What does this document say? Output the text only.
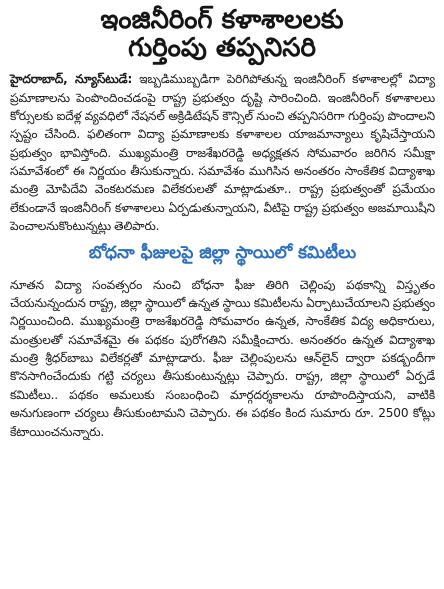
ఇంజినీరింగ్ కళాశాలలకు
గుర్తింపు తప్పనిసరి

హైదరాబాద్, న్యూస్‌టుడే: ఇబ్బడిముబ్బడిగా పెరిగిపోతున్న ఇంజినీరింగ్ కళాశాలల్లో విద్యా ప్రమాణాలను పెంపొందించడంపై రాష్ట్ర ప్రభుత్వం దృష్టి సారించింది. ఇంజినీరింగ్ కళాశాలలు కోర్సులకు ఐదేళ్ల వ్యవధిలో నేషనల్ అక్రిడిటేషన్ కౌన్సిల్ నుంచి తప్పనిసరిగా గుర్తింపు పొందాలని స్పష్టం చేసింది. ఫలితంగా విద్యా ప్రమాణాలకు కళాశాలల యాజమాన్యాలు కృషిచేస్తాయని ప్రభుత్వం భావిస్తోంది. ముఖ్యమంత్రి రాజశేఖరరెడ్డి అధ్యక్షతన సోమవారం జరిగిన సమీక్షా సమావేశంలో ఈ నిర్ణయం తీసుకున్నారు. సమావేశం ముగిసిన అనంతరం సాంకేతిక విద్యాశాఖ మంత్రి మోపిదేవి వెంకటరమణ విలేకరులతో మాట్లాడుతూ.. రాష్ట్ర ప్రభుత్వంతో ప్రమేయం లేకుండానే ఇంజినీరింగ్ కళాశాలలు ఏర్పడుతున్నాయని, వీటిపై రాష్ట్ర ప్రభుత్వం అజమాయిషీని పెంచాలనుకొంటున్నట్లు తెలిపారు.

బోధనా ఫీజులపై జిల్లా స్థాయిలో కమిటీలు

నూతన విద్యా సంవత్సరం నుంచి బోధనా ఫీజు తిరిగి చెల్లింపు పథకాన్ని విస్తృతం చేయనున్నందున రాష్ట్ర, జిల్లా స్థాయిలో ఉన్నత స్థాయి కమిటీలను ఏర్పాటుచేయాలని ప్రభుత్వం నిర్ణయించింది. ముఖ్యమంత్రి రాజశేఖరరెడ్డి సోమవారం ఉన్నత, సాంకేతిక విద్య అధికారులు, మంత్రులతో సమావేశమై ఈ పథకం పురోగతిని సమీక్షించారు. అనంతరం ఉన్నత విద్యాశాఖ మంత్రి శ్రీధర్‌బాబు విలేకర్లతో మాట్లాడారు. ఫీజు చెల్లింపులను ఆన్‌లైన్ ద్వారా పకడ్బందీగా కొనసాగించేందుకు గట్టి చర్యలు తీసుకుంటున్నట్లు చెప్పారు. రాష్ట్ర, జిల్లా స్థాయిలో ఏర్పడే కమిటీలు.. పథకం అమలుకు సంబంధించి మార్గదర్శకాలను రూపొందిస్తాయని, వాటికి అనుగుణంగా చర్యలు తీసుకుంటామని చెప్పారు. ఈ పథకం కింద సుమారు రూ. 2500 కోట్లు కేటాయించనున్నారు.
